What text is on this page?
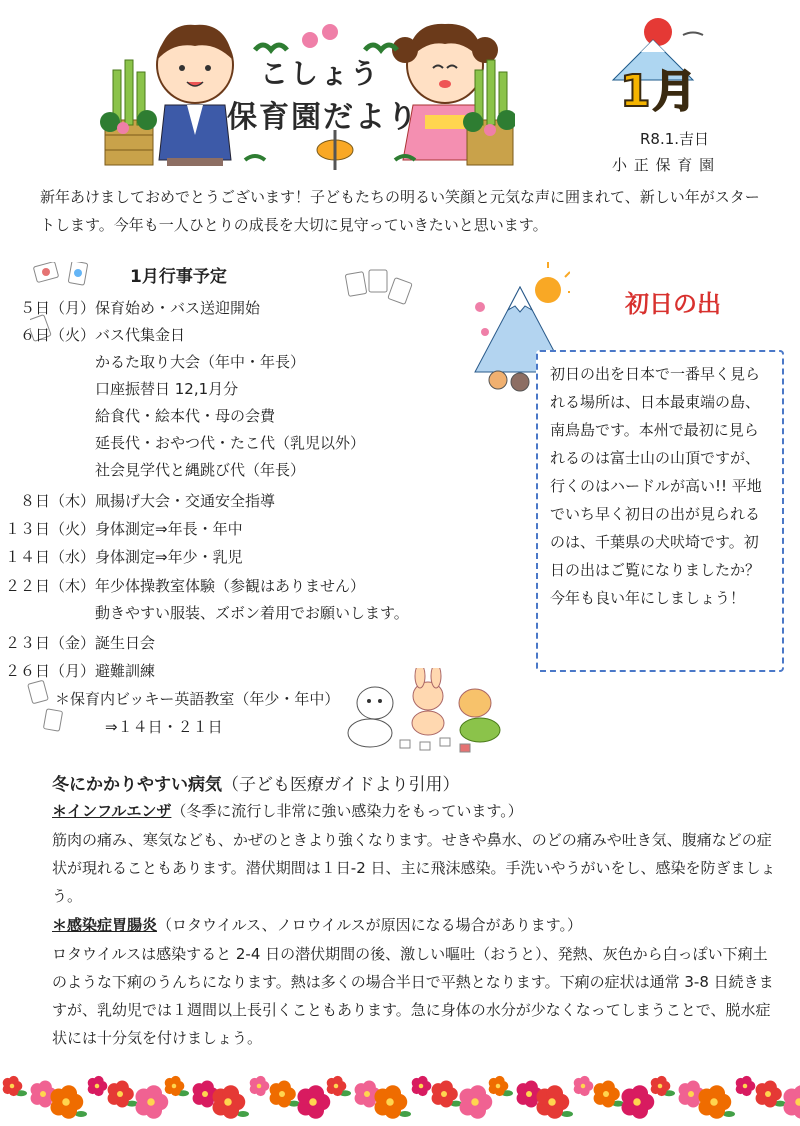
こしょう
保育園だより
1月
R8.1.吉日
小 正 保 育 園
新年あけましておめでとうございます！子どもたちの明るい笑顔と元気な声に囲まれて、新しい年がスタートします。今年も一人ひとりの成長を大切に見守っていきたいと思います。
1月行事予定
５日（月）保育始め・バス送迎開始
６日（火）バス代集金日
かるた取り大会（年中・年長）
口座振替日 12,1月分
給食代・絵本代・母の会費
延長代・おやつ代・たこ代（乳児以外）
社会見学代と縄跳び代（年長）
８日（木）凧揚げ大会・交通安全指導
１３日（火）身体測定⇒年長・年中
１４日（水）身体測定⇒年少・乳児
２２日（木）年少体操教室体験（参観はありません）
動きやすい服装、ズボン着用でお願いします。
２３日（金）誕生日会
２６日（月）避難訓練
＊保育内ビッキー英語教室（年少・年中）
⇒１４日・２１日
初日の出
初日の出を日本で一番早く見られる場所は、日本最東端の島、南鳥島です。本州で最初に見られるのは富士山の山頂ですが、行くのはハードルが高い!! 平地でいち早く初日の出が見られるのは、千葉県の犬吠埼です。初日の出はご覧になりましたか？今年も良い年にしましょう！
冬にかかりやすい病気（子ども医療ガイドより引用）
＊インフルエンザ（冬季に流行し非常に強い感染力をもっています。）
筋肉の痛み、寒気なども、かぜのときより強くなります。せきや鼻水、のどの痛みや吐き気、腹痛などの症状が現れることもあります。潜伏期間は１日-2 日、主に飛沫感染。手洗いやうがいをし、感染を防ぎましょう。
＊感染症胃腸炎（ロタウイルス、ノロウイルスが原因になる場合があります。）
ロタウイルスは感染すると 2-4 日の潜伏期間の後、激しい嘔吐（おうと）、発熱、灰色から白っぽい下痢土のような下痢のうんちになります。熱は多くの場合半日で平熱となります。下痢の症状は通常 3-8 日続きますが、乳幼児では１週間以上長引くこともあります。急に身体の水分が少なくなってしまうことで、脱水症状には十分気を付けましょう。
